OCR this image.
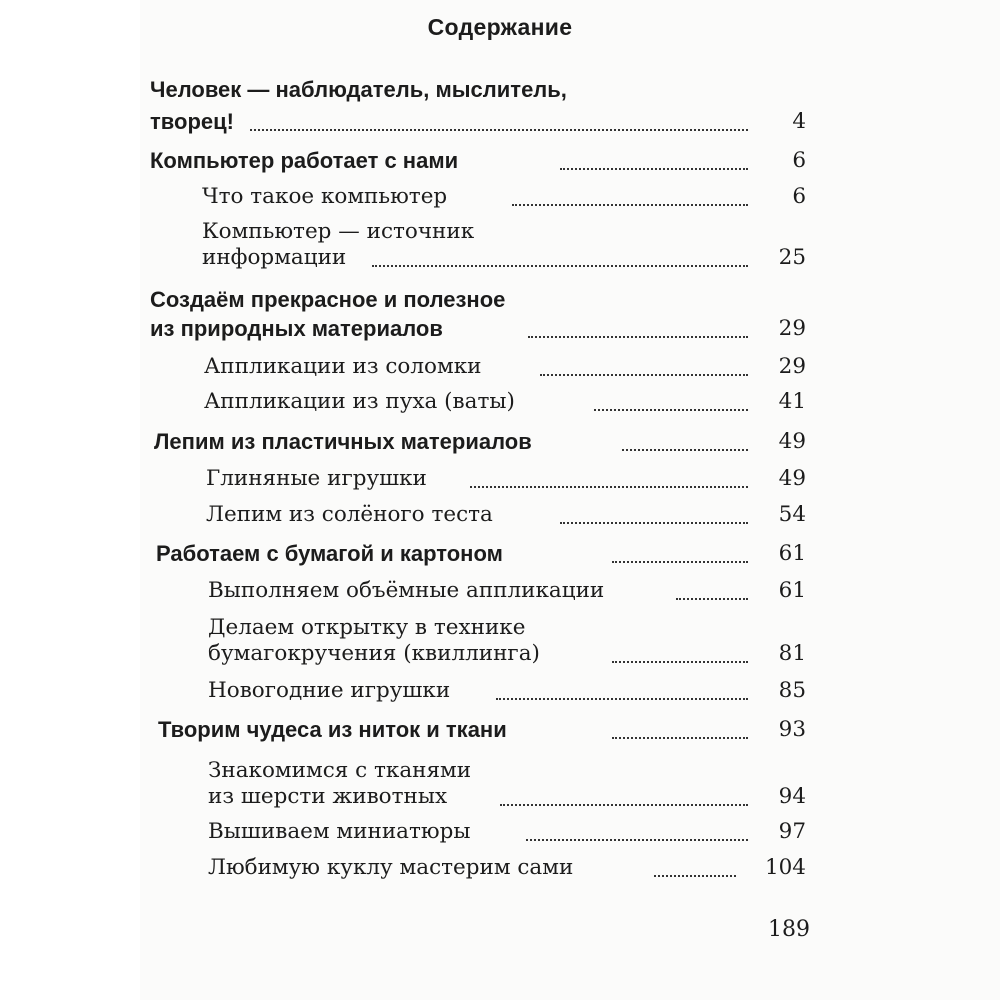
Содержание
Человек — наблюдатель, мыслитель,
творец!	4
Компьютер работает с нами	6
Что такое компьютер	6
Компьютер — источник
информации	25
Создаём прекрасное и полезное
из природных материалов	29
Аппликации из соломки	29
Аппликации из пуха (ваты)	41
Лепим из пластичных материалов	49
Глиняные игрушки	49
Лепим из солёного теста	54
Работаем с бумагой и картоном	61
Выполняем объёмные аппликации	61
Делаем открытку в технике
бумагокручения (квиллинга)	81
Новогодние игрушки	85
Творим чудеса из ниток и ткани	93
Знакомимся с тканями
из шерсти животных	94
Вышиваем миниатюры	97
Любимую куклу мастерим сами	104
189
